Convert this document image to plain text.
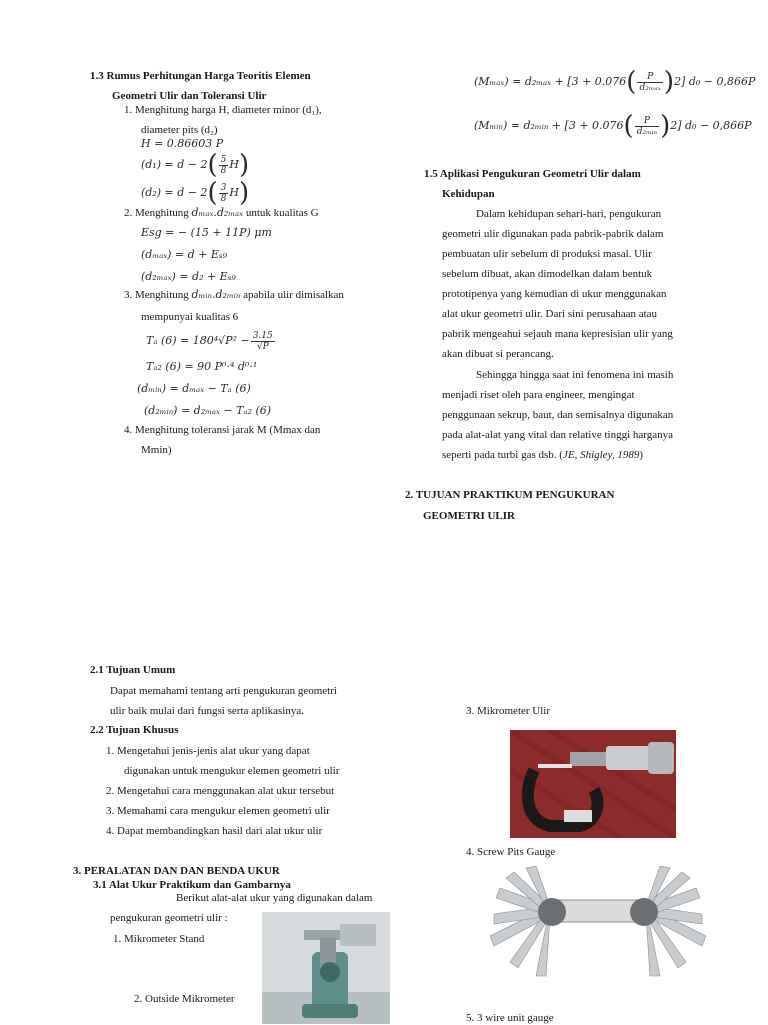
1.3 Rumus Perhitungan Harga Teoritis Elemen
Geometri Ulir dan Toleransi Ulir
1. Menghitung harga H, diameter minor (d₁),
diameter pits (d₂)
H = 0.86603 P
$(d_1) = d - 2( \frac{5}{8} H)$
$(d_2) = d - 2( \frac{3}{8} H)$
2. Menghitung dₘₐₓ.d₂ₘₐₓ untuk kualitas G
Esg = − (15 + 11P) μm
(dₘₐₓ) = d + Eₛ₉
(d₂ₘₐₓ) = d₂ + Eₛ₉
3. Menghitung dₘᵢₙ.d₂ₘᵢₙ apabila ulir dimisalkan
mempunyai kualitas 6
Tₐ $(6) = 180^4√P^2 - \frac{3.15}{√P}$
Tₐ₂ (6) = 90 P⁰·⁴ d⁰·¹
(dₘᵢₙ) = dₘₐₓ − Tₐ (6)
(d₂ₘᵢₙ) = d₂ₘₐₓ − Tₐ₂ (6)
4. Menghitung toleransi jarak M (Mmax dan
Mmin)
2.1 Tujuan Umum
Dapat memahami tentang arti pengukuran geometri
ulir baik mulai dari fungsi serta aplikasinya.
2.2 Tujuan Khusus
1. Mengetahui jenis-jenis alat ukur yang dapat
digunakan untuk mengukur elemen geometri ulir
2. Mengetahui cara menggunakan alat ukur tersebut
3. Memahami cara mengukur elemen geometri ulir
4. Dapat membandingkan hasil dari alat ukur ulir
3. PERALATAN DAN DAN BENDA UKUR
3.1 Alat Ukur Praktikum dan Gambarnya
Berikut alat-alat ukur yang digunakan dalam
pengukuran geometri ulir :
1. Mikrometer Stand
2. Outside Mikrometer
$(M_{max}) = d_{2max} + [3 + 0.076( \frac{P}{\text{d₂ₘₐₓ}} )2]$ d₀ − 0,866P
(Mₘᵢₙ) = d₂ₘᵢₙ + $[3 + 0.076( \frac{P}{\text{d₂ₘᵢₙ}} )2]$ d₀ − 0,866P
1.5 Aplikasi Pengukuran Geometri Ulir dalam
Kehidupan
Dalam kehidupan sehari-hari, pengukuran
geometri ulir digunakan pada pabrik-pabrik dalam
pembuatan ulir sebelum di produksi masal. Ulir
sebelum dibuat, akan dimodelkan dalam bentuk
prototipenya yang kemudian di ukur menggunakan
alat ukur geometri ulir. Dari sini perusahaan atau
pabrik mengeahui sejauh mana kepresisian ulir yang
akan dibuat si perancang.
Sehingga hingga saat ini fenomena ini masih
menjadi riset oleh para engineer, mengingat
penggunaan sekrup, baut, dan semisalnya digunakan
pada alat-alat yang vital dan relative tinggi harganya
seperti pada turbi gas dsb. (JE, Shigley, 1989)
2. TUJUAN PRAKTIKUM PENGUKURAN
GEOMETRI ULIR
3. Mikrometer Ulir
4. Screw Pits Gauge
5. 3 wire unit gauge
